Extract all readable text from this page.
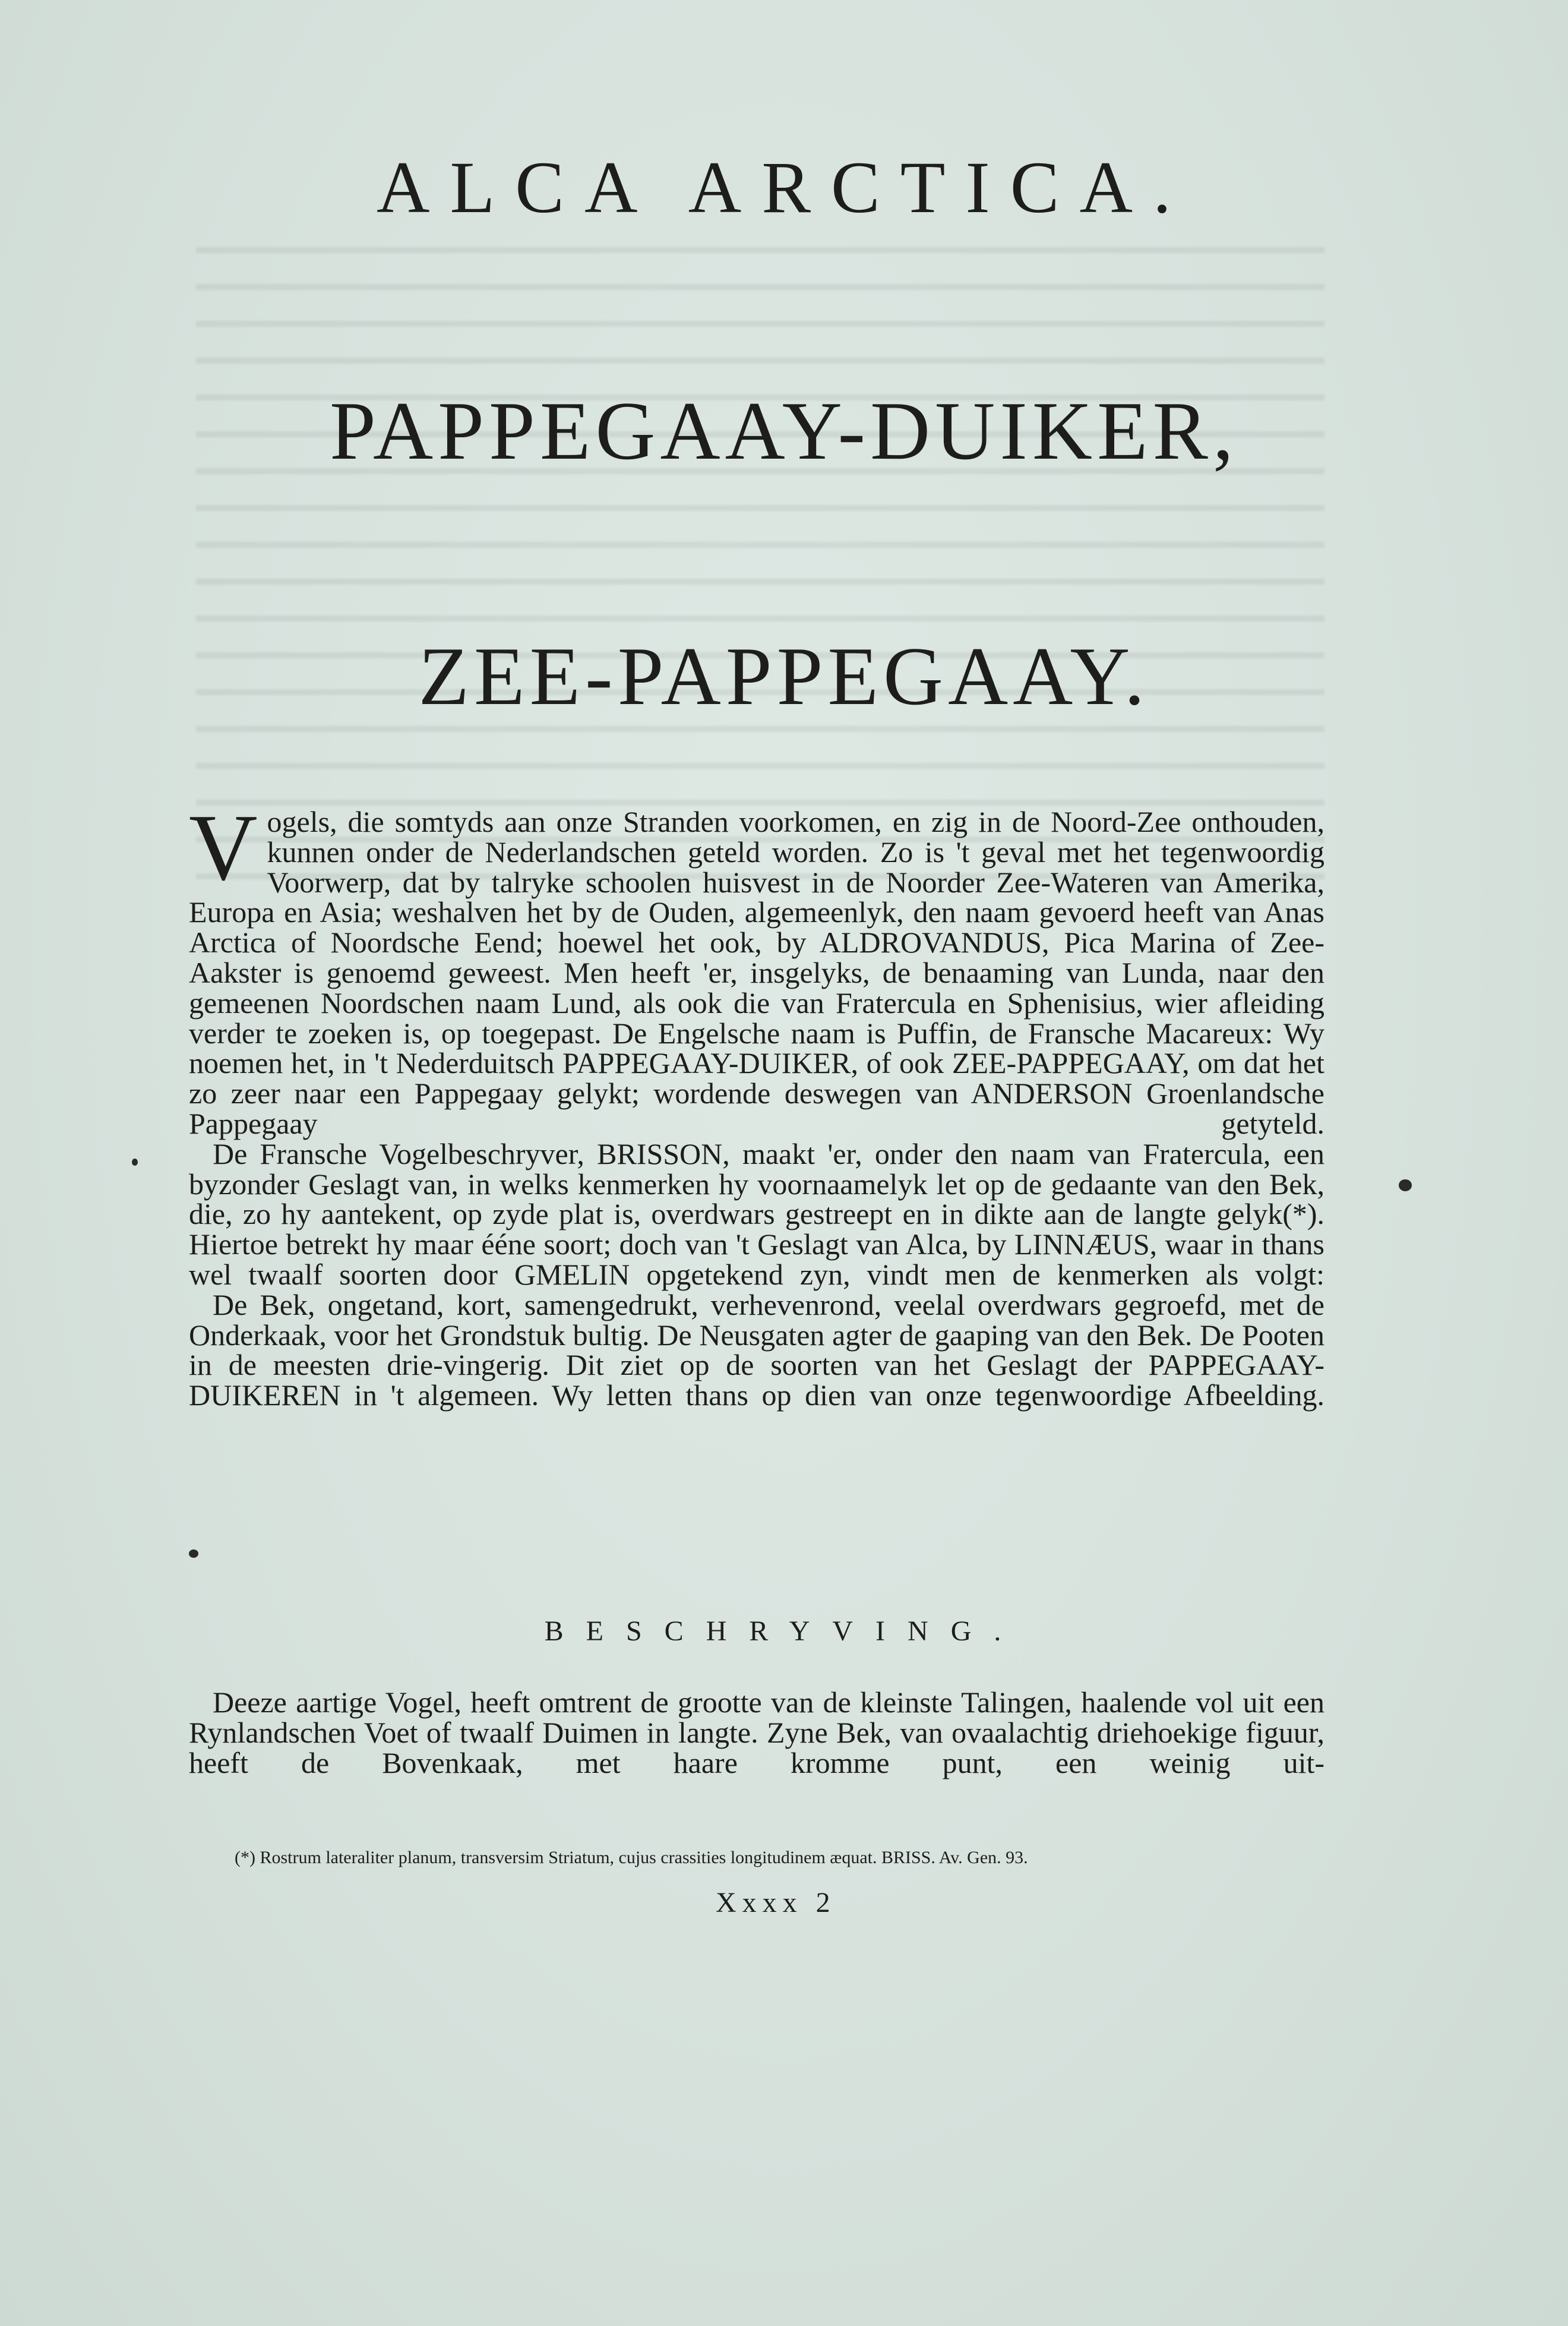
ALCA ARCTICA.
PAPPEGAAY-DUIKER,
ZEE-PAPPEGAAY.

Vogels, die somtyds aan onze Stranden voorkomen, en zig in de Noord-Zee onthouden, kunnen onder de Nederlandschen geteld worden. Zo is 't geval met het tegenwoordig Voorwerp, dat by talryke schoolen huisvest in de Noorder Zee-Wateren van Amerika, Europa en Asia; weshalven het by de Ouden, algemeenlyk, den naam gevoerd heeft van Anas Arctica of Noordsche Eend; hoewel het ook, by ALDROVANDUS, Pica Marina of Zee-Aakster is genoemd geweest. Men heeft 'er, insgelyks, de benaaming van Lunda, naar den gemeenen Noordschen naam Lund, als ook die van Fratercula en Sphenisius, wier afleiding verder te zoeken is, op toegepast. De Engelsche naam is Puffin, de Fransche Macareux: Wy noemen het, in 't Nederduitsch PAPPEGAAY-DUIKER, of ook ZEE-PAPPEGAAY, om dat het zo zeer naar een Pappegaay gelykt; wordende deswegen van ANDERSON Groenlandsche Pappegaay getyteld.

De Fransche Vogelbeschryver, BRISSON, maakt 'er, onder den naam van Fratercula, een byzonder Geslagt van, in welks kenmerken hy voornaamelyk let op de gedaante van den Bek, die, zo hy aantekent, op zyde plat is, overdwars gestreept en in dikte aan de langte gelyk(*). Hiertoe betrekt hy maar ééne soort; doch van 't Geslagt van Alca, by LINNÆUS, waar in thans wel twaalf soorten door GMELIN opgetekend zyn, vindt men de kenmerken als volgt:

De Bek, ongetand, kort, samengedrukt, verhevenrond, veelal overdwars gegroefd, met de Onderkaak, voor het Grondstuk bultig. De Neusgaten agter de gaaping van den Bek. De Pooten in de meesten drie-vingerig. Dit ziet op de soorten van het Geslagt der PAPPEGAAY-DUIKEREN in 't algemeen. Wy letten thans op dien van onze tegenwoordige Afbeelding.

BESCHRYVING.

Deeze aartige Vogel, heeft omtrent de grootte van de kleinste Talingen, haalende vol uit een Rynlandschen Voet of twaalf Duimen in langte. Zyne Bek, van ovaalachtig driehoekige figuur, heeft de Bovenkaak, met haare kromme punt, een weinig uit-

(*) Rostrum lateraliter planum, transversim Striatum, cujus crassities longitudinem æquat. BRISS. Av. Gen. 93.
Xxxx 2
